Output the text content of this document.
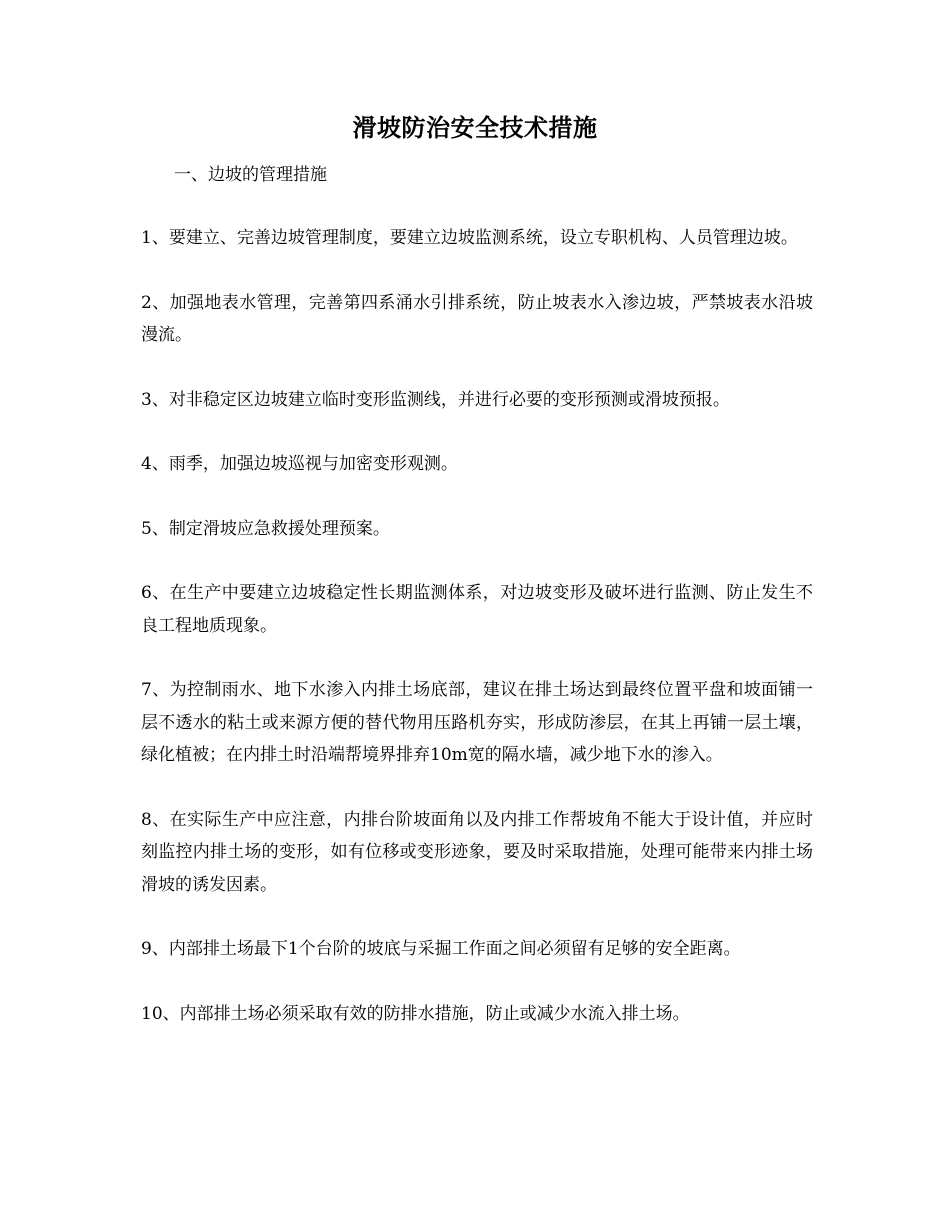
滑坡防治安全技术措施

一、边坡的管理措施

1、要建立、完善边坡管理制度，要建立边坡监测系统，设立专职机构、人员管理边坡。

2、加强地表水管理，完善第四系涌水引排系统，防止坡表水入渗边坡，严禁坡表水沿坡漫流。

3、对非稳定区边坡建立临时变形监测线，并进行必要的变形预测或滑坡预报。

4、雨季，加强边坡巡视与加密变形观测。

5、制定滑坡应急救援处理预案。

6、在生产中要建立边坡稳定性长期监测体系，对边坡变形及破坏进行监测、防止发生不良工程地质现象。

7、为控制雨水、地下水渗入内排土场底部，建议在排土场达到最终位置平盘和坡面铺一层不透水的粘土或来源方便的替代物用压路机夯实，形成防渗层，在其上再铺一层土壤，绿化植被；在内排土时沿端帮境界排弃10m宽的隔水墙，减少地下水的渗入。

8、在实际生产中应注意，内排台阶坡面角以及内排工作帮坡角不能大于设计值，并应时刻监控内排土场的变形，如有位移或变形迹象，要及时采取措施，处理可能带来内排土场滑坡的诱发因素。

9、内部排土场最下1个台阶的坡底与采掘工作面之间必须留有足够的安全距离。

10、内部排土场必须采取有效的防排水措施，防止或减少水流入排土场。
